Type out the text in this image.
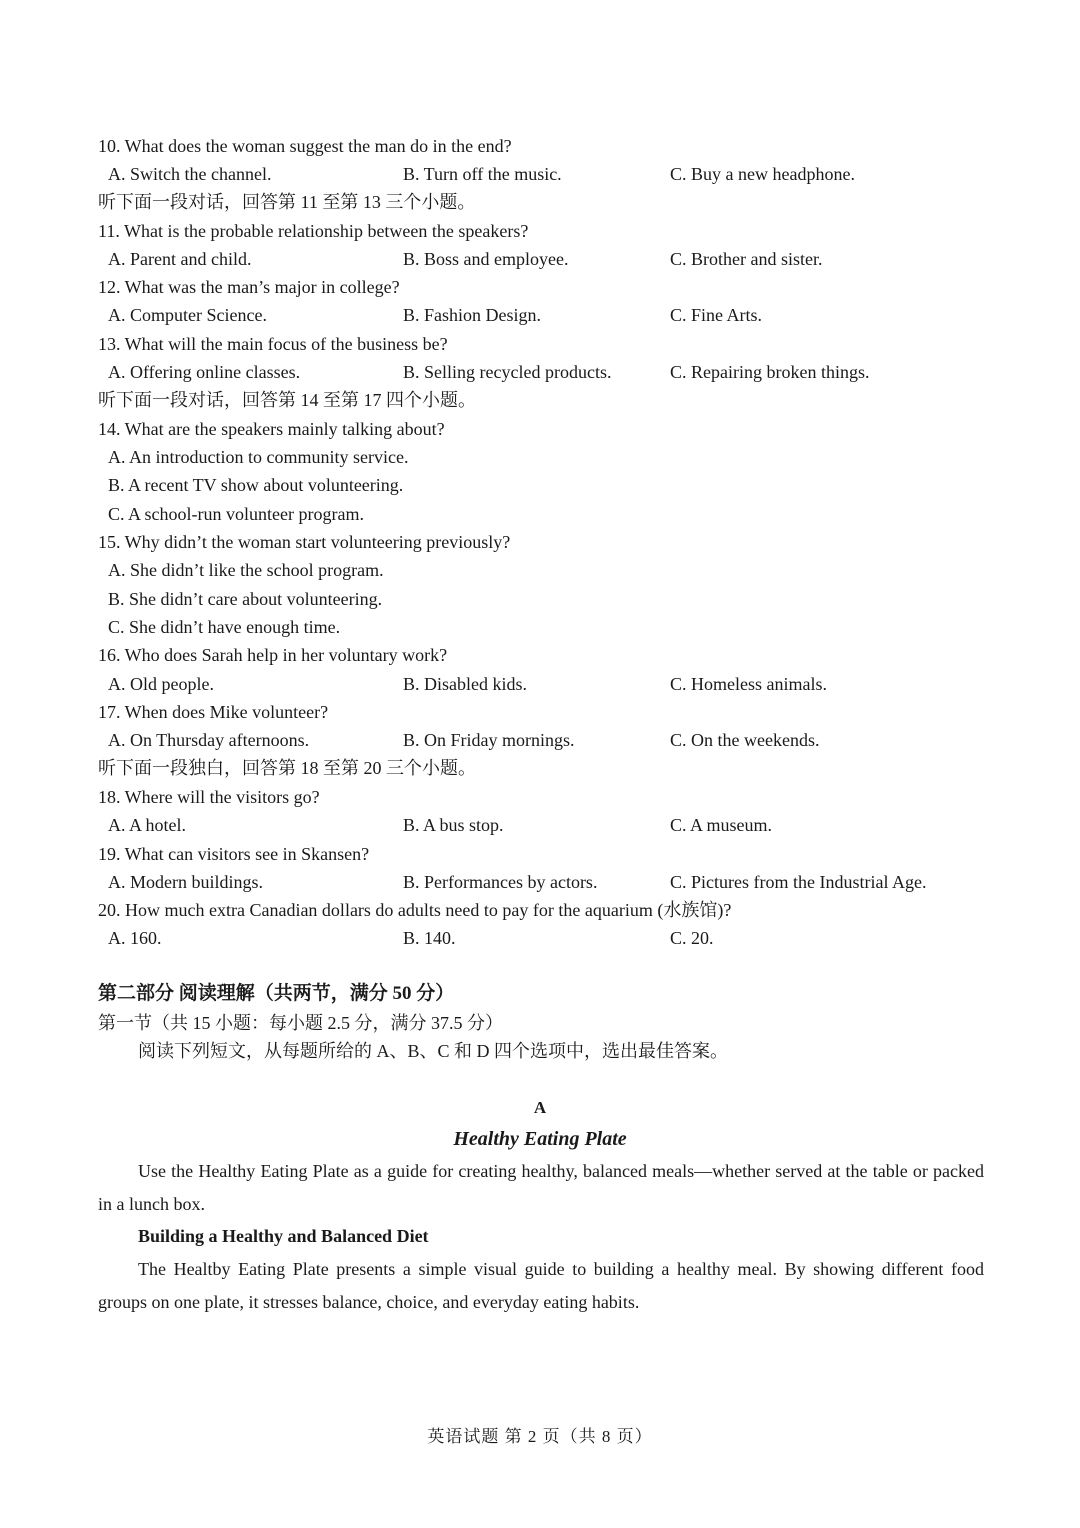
10. What does the woman suggest the man do in the end?
A. Switch the channel.	B. Turn off the music.	C. Buy a new headphone.
听下面一段对话，回答第 11 至第 13 三个小题。
11. What is the probable relationship between the speakers?
A. Parent and child.	B. Boss and employee.	C. Brother and sister.
12. What was the man’s major in college?
A. Computer Science.	B. Fashion Design.	C. Fine Arts.
13. What will the main focus of the business be?
A. Offering online classes.	B. Selling recycled products.	C. Repairing broken things.
听下面一段对话，回答第 14 至第 17 四个小题。
14. What are the speakers mainly talking about?
A. An introduction to community service.
B. A recent TV show about volunteering.
C. A school-run volunteer program.
15. Why didn’t the woman start volunteering previously?
A. She didn’t like the school program.
B. She didn’t care about volunteering.
C. She didn’t have enough time.
16. Who does Sarah help in her voluntary work?
A. Old people.	B. Disabled kids.	C. Homeless animals.
17. When does Mike volunteer?
A. On Thursday afternoons.	B. On Friday mornings.	C. On the weekends.
听下面一段独白，回答第 18 至第 20 三个小题。
18. Where will the visitors go?
A. A hotel.	B. A bus stop.	C. A museum.
19. What can visitors see in Skansen?
A. Modern buildings.	B. Performances by actors.	C. Pictures from the Industrial Age.
20. How much extra Canadian dollars do adults need to pay for the aquarium (水族馆)?
A. 160.	B. 140.	C. 20.
第二部分 阅读理解（共两节，满分 50 分）
第一节（共 15 小题：每小题 2.5 分，满分 37.5 分）
阅读下列短文，从每题所给的 A、B、C 和 D 四个选项中，选出最佳答案。
A
Healthy Eating Plate
Use the Healthy Eating Plate as a guide for creating healthy, balanced meals—whether served at the table or packed in a lunch box.
Building a Healthy and Balanced Diet
The Healtby Eating Plate presents a simple visual guide to building a healthy meal. By showing different food groups on one plate, it stresses balance, choice, and everyday eating habits.
英语试题 第 2 页（共 8 页）
